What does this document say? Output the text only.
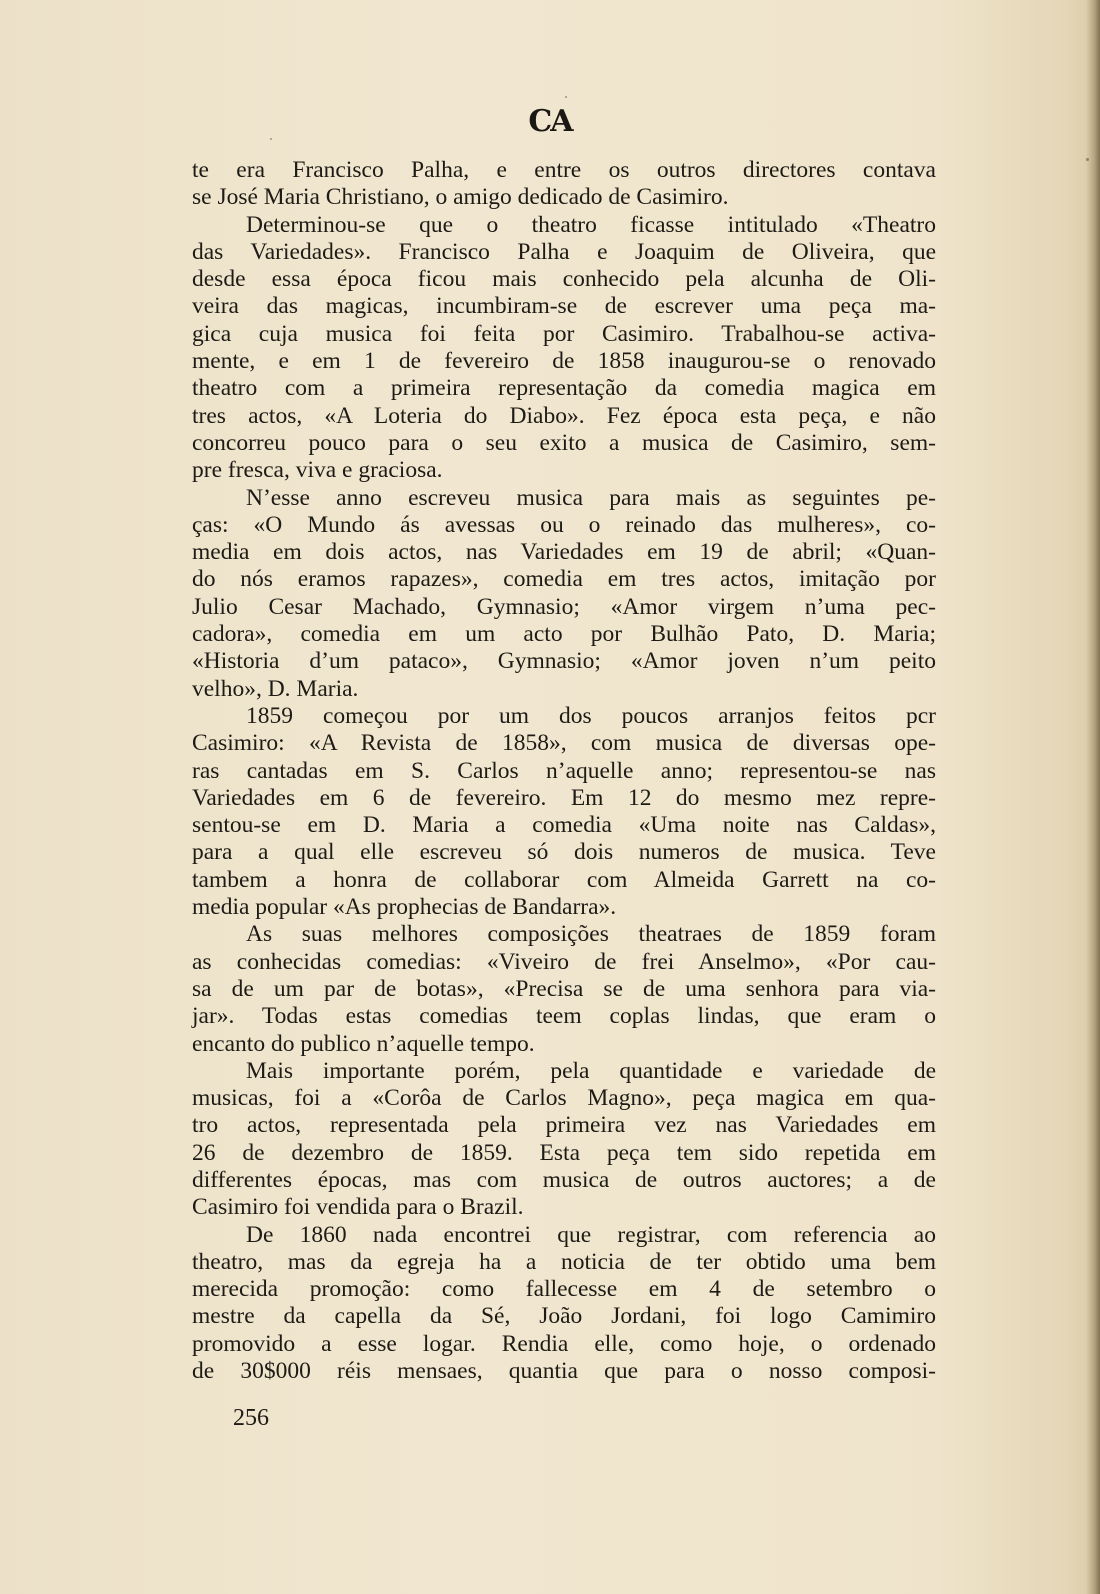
CA
te era Francisco Palha, e entre os outros directores contava
se José Maria Christiano, o amigo dedicado de Casimiro.
Determinou-se que o theatro ficasse intitulado «Theatro
das Variedades». Francisco Palha e Joaquim de Oliveira, que
desde essa época ficou mais conhecido pela alcunha de Oli-
veira das magicas, incumbiram-se de escrever uma peça ma-
gica cuja musica foi feita por Casimiro. Trabalhou-se activa-
mente, e em 1 de fevereiro de 1858 inaugurou-se o renovado
theatro com a primeira representação da comedia magica em
tres actos, «A Loteria do Diabo». Fez época esta peça, e não
concorreu pouco para o seu exito a musica de Casimiro, sem-
pre fresca, viva e graciosa.
N’esse anno escreveu musica para mais as seguintes pe-
ças: «O Mundo ás avessas ou o reinado das mulheres», co-
media em dois actos, nas Variedades em 19 de abril; «Quan-
do nós eramos rapazes», comedia em tres actos, imitação por
Julio Cesar Machado, Gymnasio; «Amor virgem n’uma pec-
cadora», comedia em um acto por Bulhão Pato, D. Maria;
«Historia d’um pataco», Gymnasio; «Amor joven n’um peito
velho», D. Maria.
1859 começou por um dos poucos arranjos feitos pcr
Casimiro: «A Revista de 1858», com musica de diversas ope-
ras cantadas em S. Carlos n’aquelle anno; representou-se nas
Variedades em 6 de fevereiro. Em 12 do mesmo mez repre-
sentou-se em D. Maria a comedia «Uma noite nas Caldas»,
para a qual elle escreveu só dois numeros de musica. Teve
tambem a honra de collaborar com Almeida Garrett na co-
media popular «As prophecias de Bandarra».
As suas melhores composições theatraes de 1859 foram
as conhecidas comedias: «Viveiro de frei Anselmo», «Por cau-
sa de um par de botas», «Precisa se de uma senhora para via-
jar». Todas estas comedias teem coplas lindas, que eram o
encanto do publico n’aquelle tempo.
Mais importante porém, pela quantidade e variedade de
musicas, foi a «Corôa de Carlos Magno», peça magica em qua-
tro actos, representada pela primeira vez nas Variedades em
26 de dezembro de 1859. Esta peça tem sido repetida em
differentes épocas, mas com musica de outros auctores; a de
Casimiro foi vendida para o Brazil.
De 1860 nada encontrei que registrar, com referencia ao
theatro, mas da egreja ha a noticia de ter obtido uma bem
merecida promoção: como fallecesse em 4 de setembro o
mestre da capella da Sé, João Jordani, foi logo Camimiro
promovido a esse logar. Rendia elle, como hoje, o ordenado
de 30$000 réis mensaes, quantia que para o nosso composi-
256
